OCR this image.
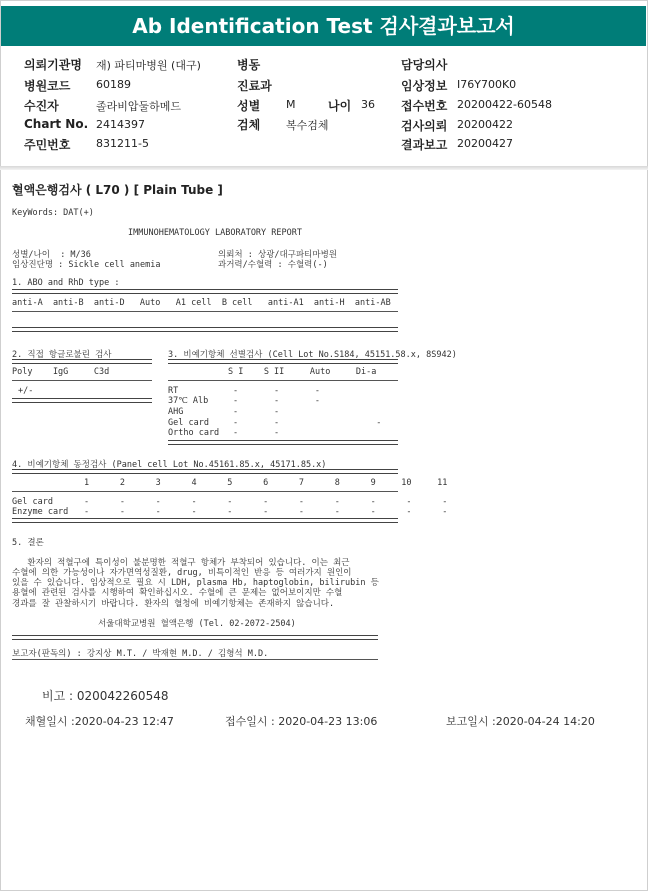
Ab Identification Test 검사결과보고서
의뢰기관명 재) 파티마병원 (대구)
병원코드 60189
수진자	졸라비압둘하메드
Chart No. 2414397
주민번호 831211-5
병동
진료과
성별 M	나이 36
검체 복수검체
담당의사
임상정보 I76Y700K0
접수번호 20200422-60548
검사의뢰 20200422
결과보고 20200427
혈액은행검사 ( L70 ) [ Plain Tube ]
KeyWords: DAT(+)
IMMUNOHEMATOLOGY LABORATORY REPORT
성별/나이  : M/36
임상진단명 : Sickle cell anemia
의뢰처 : 상광/대구파티마병원
과거력/수혈력 : 수혈력(-)
1. ABO and RhD type :
anti-A  anti-B  anti-D   Auto   A1 cell  B cell   anti-A1  anti-H  anti-AB
2. 직접 항글로불린 검사
Poly    IgG     C3d
+/-
3. 비예기항체 선별검사 (Cell Lot No.S184, 45151.58.x, 8S942)
S I    S II     Auto     Di-a
RT	-       -       -
37℃ Alb	-       -       -
AHG	-       -
Gel card	-       -                   -
Ortho card -       -
4. 비예기항체 동정검사 (Panel cell Lot No.45161.85.x, 45171.85.x)
1      2      3      4      5      6      7      8      9     10     11
Gel card	-      -      -      -      -      -      -      -      -      -      -
Enzyme card -      -      -      -      -      -      -      -      -      -      -
5. 결론
환자의 적혈구에 특이성이 불분명한 적혈구 항체가 부착되어 있습니다. 이는 최근
수혈에 의한 가능성이나 자가면역성질환, drug, 비특이적인 반응 등 여러가지 원인이
있을 수 있습니다. 임상적으로 필요 시 LDH, plasma Hb, haptoglobin, bilirubin 등
용혈에 관련된 검사를 시행하여 확인하십시오. 수혈에 큰 문제는 없어보이지만 수혈
경과를 잘 관찰하시기 바랍니다. 환자의 혈청에 비예기항체는 존재하지 않습니다.
서울대학교병원 혈액은행 (Tel. 02-2072-2504)
보고자(판독의) : 강지상 M.T. / 박재현 M.D. / 김형석 M.D.
비고 : 020042260548
채혈일시 :2020-04-23 12:47	접수일시 : 2020-04-23 13:06	보고일시 :2020-04-24 14:20
